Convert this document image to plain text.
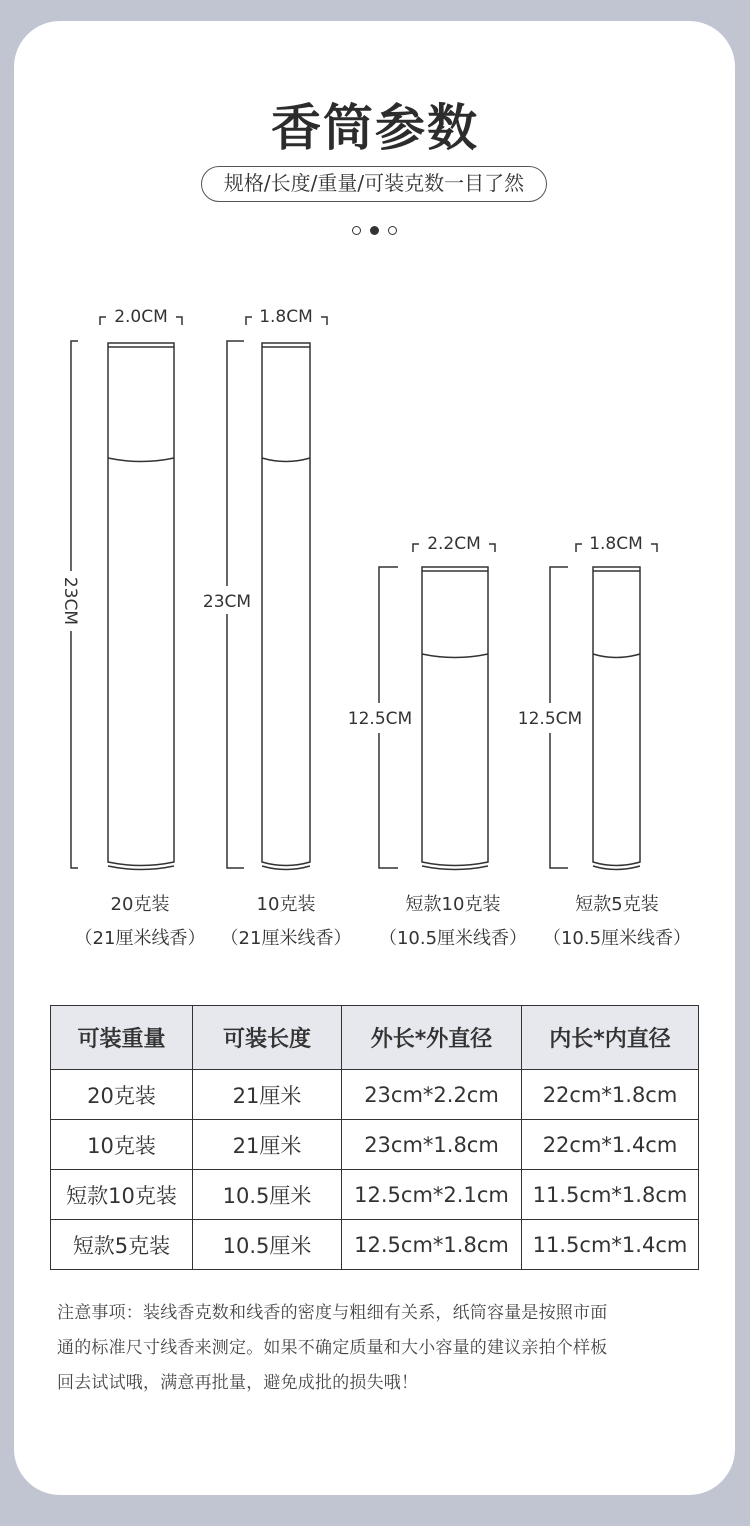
香筒参数
规格/长度/重量/可装克数一目了然
2.0CM	1.8CM
2.2CM	1.8CM
23CM	23CM
12.5CM	12.5CM
20克装
（21厘米线香）
10克装
（21厘米线香）
短款10克装
（10.5厘米线香）
短款5克装
（10.5厘米线香）
可装重量	可装长度	外长*外直径	内长*内直径
20克装	21厘米	23cm*2.2cm	22cm*1.8cm
10克装	21厘米	23cm*1.8cm	22cm*1.4cm
短款10克装	10.5厘米	12.5cm*2.1cm	11.5cm*1.8cm
短款5克装	10.5厘米	12.5cm*1.8cm	11.5cm*1.4cm
注意事项：装线香克数和线香的密度与粗细有关系，纸筒容量是按照市面
通的标准尺寸线香来测定。如果不确定质量和大小容量的建议亲拍个样板
回去试试哦，满意再批量，避免成批的损失哦！
